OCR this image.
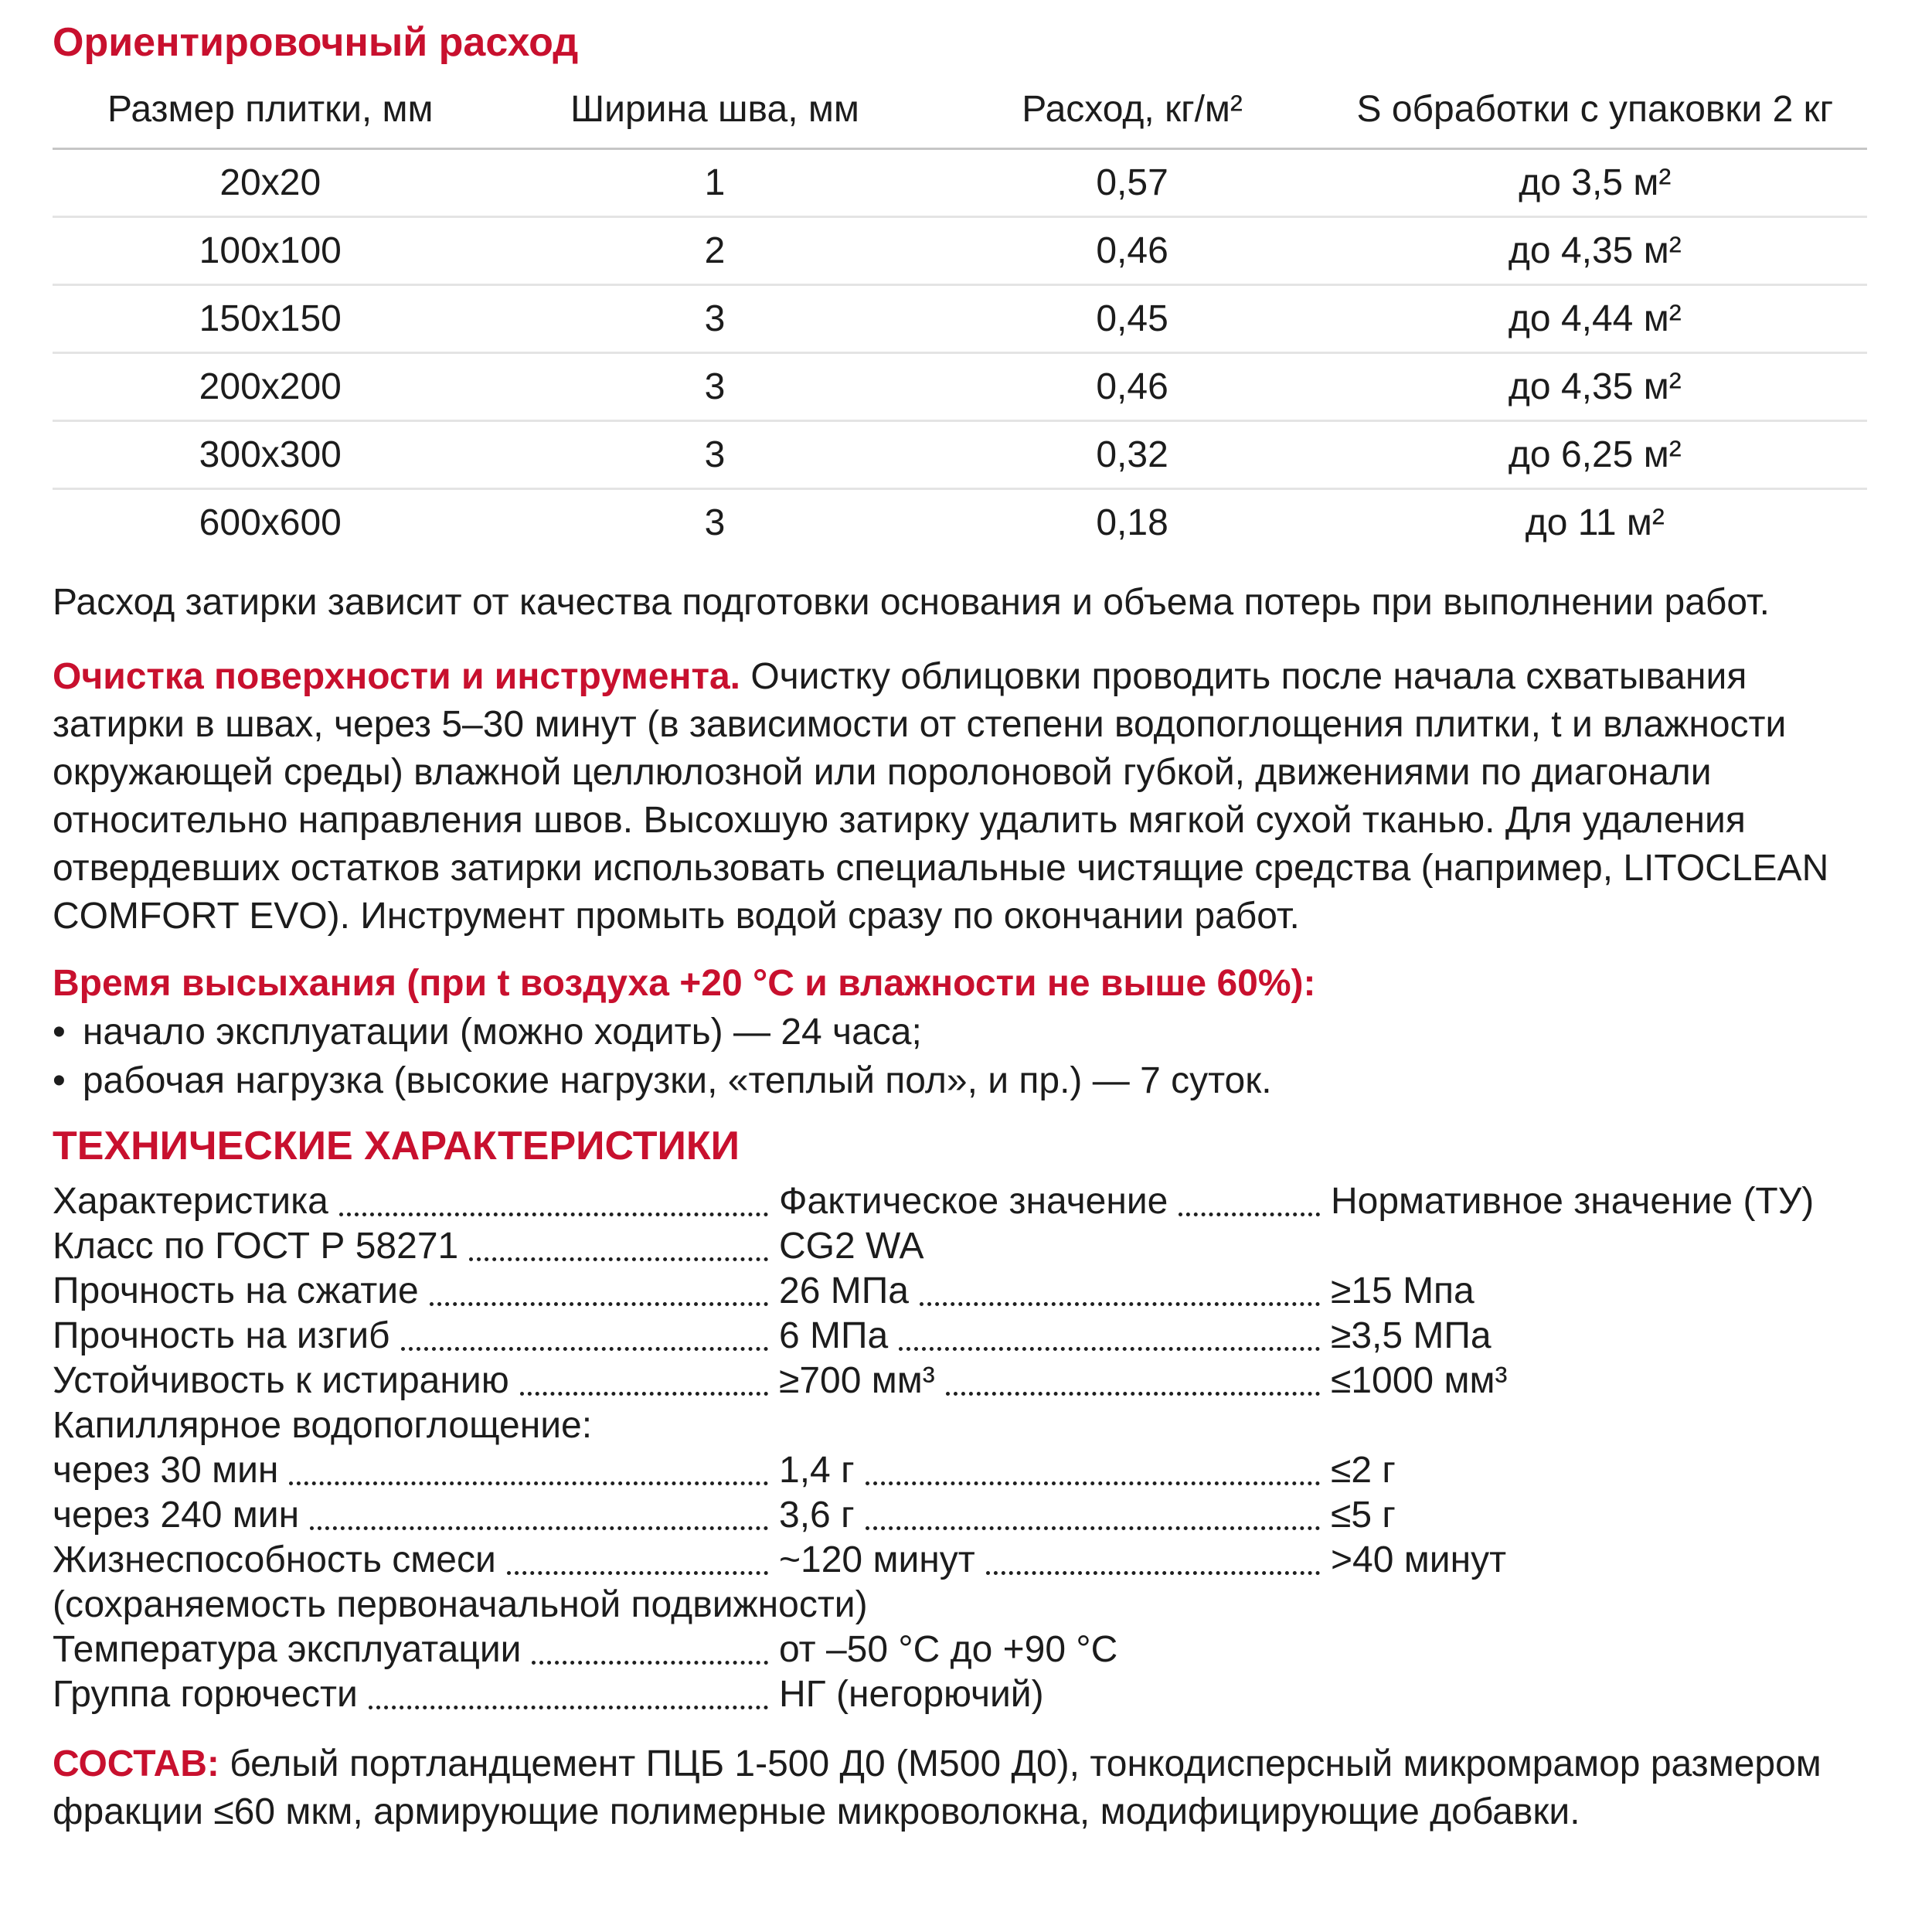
Ориентировочный расход
Размер плитки, мм	Ширина шва, мм	Расход, кг/м²	S обработки с упаковки 2 кг
20х20	1	0,57	до 3,5 м²
100х100	2	0,46	до 4,35 м²
150х150	3	0,45	до 4,44 м²
200х200	3	0,46	до 4,35 м²
300х300	3	0,32	до 6,25 м²
600х600	3	0,18	до 11 м²

Расход затирки зависит от качества подготовки основания и объема потерь при выполнении работ.

Очистка поверхности и инструмента. Очистку облицовки проводить после начала схватывания затирки в швах, через 5–30 минут (в зависимости от степени водопоглощения плитки, t и влажности окружающей среды) влажной целлюлозной или поролоновой губкой, движениями по диагонали относительно направления швов. Высохшую затирку удалить мягкой сухой тканью. Для удаления отвердевших остатков затирки использовать специальные чистящие средства (например, LITOCLEAN COMFORT EVO). Инструмент промыть водой сразу по окончании работ.

Время высыхания (при t воздуха +20 °C и влажности не выше 60%):
• начало эксплуатации (можно ходить) — 24 часа;
• рабочая нагрузка (высокие нагрузки, «теплый пол», и пр.) — 7 суток.
ТЕХНИЧЕСКИЕ ХАРАКТЕРИСТИКИ
Характеристика	Фактическое значение	Нормативное значение (ТУ)
Класс по ГОСТ Р 58271	CG2 WA
Прочность на сжатие	26 МПа	≥15 Мпа
Прочность на изгиб	6 МПа	≥3,5 МПа
Устойчивость к истиранию	≥700 мм³	≤1000 мм³
Капиллярное водопоглощение:
через 30 мин	1,4 г	≤2 г
через 240 мин	3,6 г	≤5 г
Жизнеспособность смеси	~120 минут	>40 минут
(сохраняемость первоначальной подвижности)
Температура эксплуатации	от –50 °C до +90 °C
Группа горючести	НГ (негорючий)

СОСТАВ: белый портландцемент ПЦБ 1-500 Д0 (М500 Д0), тонкодисперсный микромрамор размером фракции ≤60 мкм, армирующие полимерные микроволокна, модифицирующие добавки.
